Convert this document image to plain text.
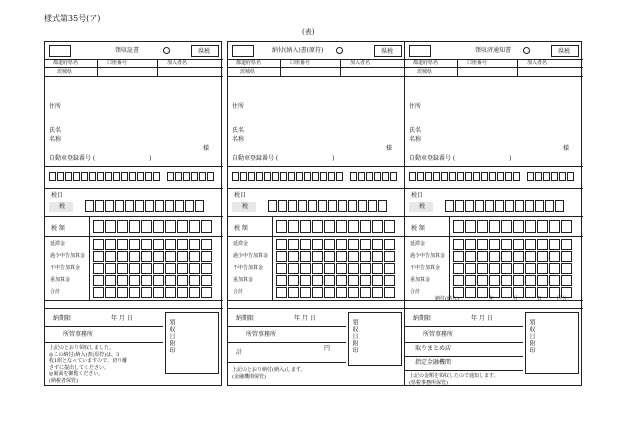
様式第35号(ア)
(表)
領収証書	県税
都道府県名	口座番号	加入者名
茨城県
住所
氏名
名称
様
自動車登録番号 (	)
税目
税
税 額
延滞金
過少申告加算金
不申告加算金
重加算金
合計
納期限	年 月 日
所管事務所	領収日附印
上記のとおり領収しました。
◎この納付(納入)書(原符)は、3
枚1組となっていますので、切り離
さずに提出してください。
◎裏面を御覧ください。
(納税者保管)
納付(納入)書(原符)	県税
都道府県名	口座番号	加入者名
茨城県
住所
氏名
名称
様
自動車登録番号 (	)
税目
税
税 額
延滞金
過少申告加算金
不申告加算金
重加算金
合計
納期限	年 月 日
所管事務所
計
円	領収日附印
上記のとおり納付(納入)します。
(金融機関保管)
領収済通知書	県税
都道府県名	口座番号	加入者名
茨城県
住所
氏名
名称
様
自動車登録番号 (	)
税目
税
税 額
延滞金
過少申告加算金
不申告加算金
重加算金
合計
納付(納入)	年	月	日	区分
納期限	年 月 日
所管事務所
取りまとめ店
指定金融機関
領収日附印
上記の金額を領収したので通知します。
(県税事務所保管)
